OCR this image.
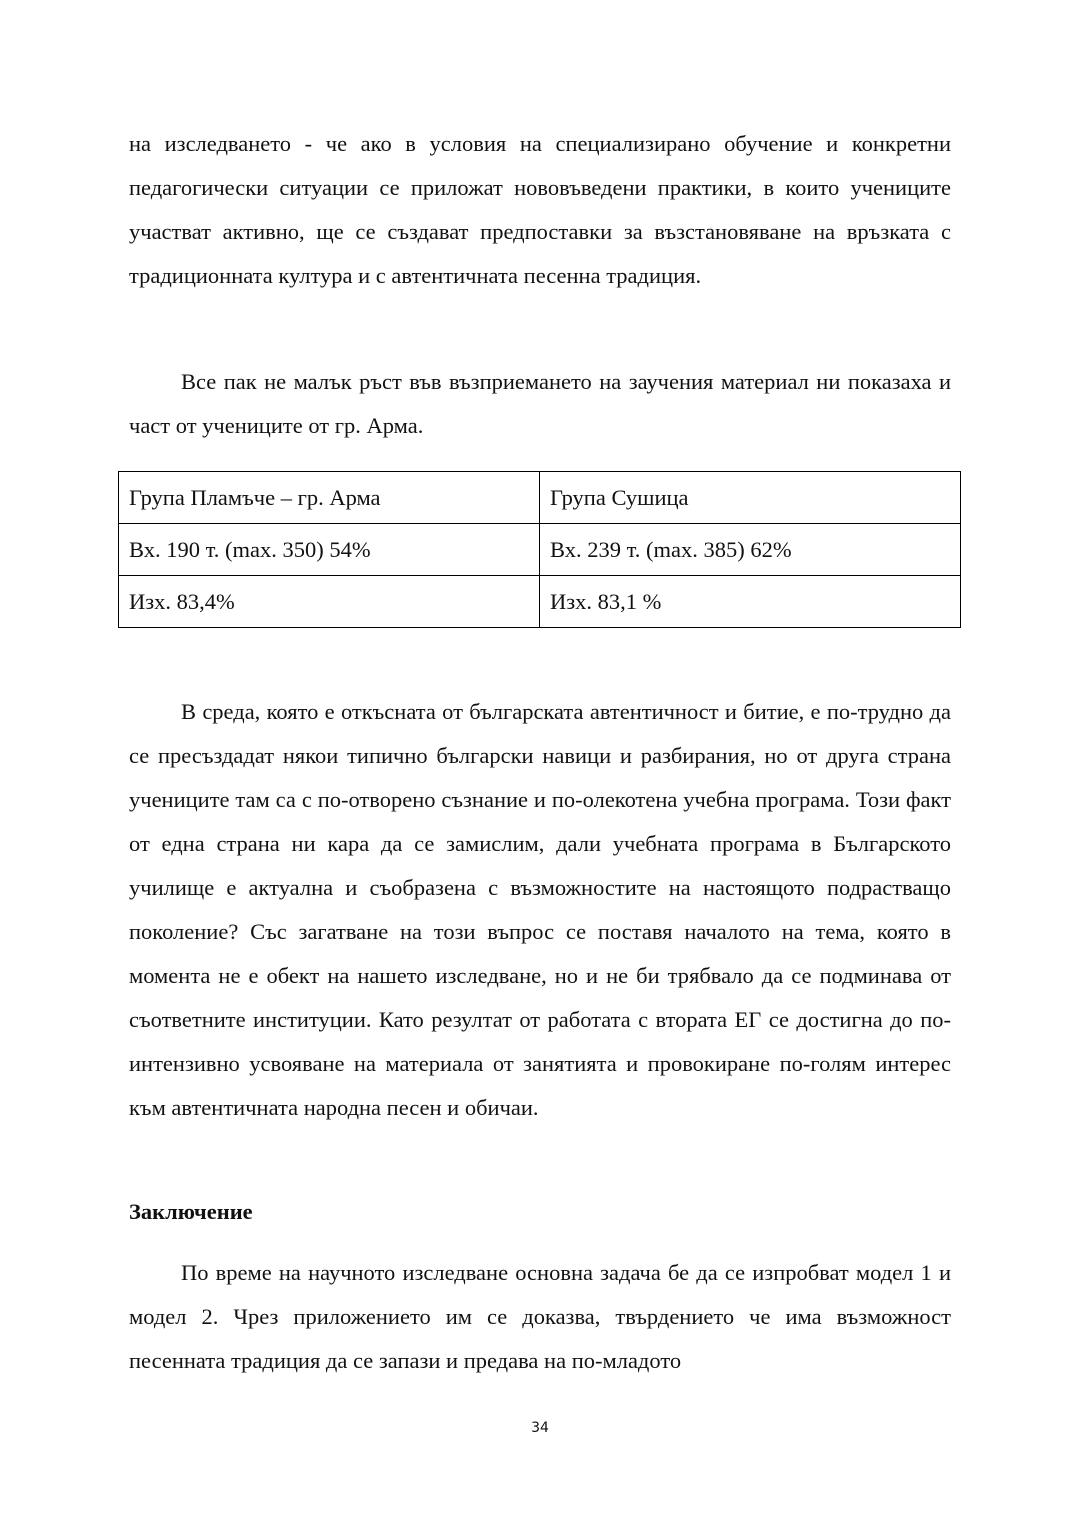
на изследването - че ако в условия на специализирано обучение и конкретни педагогически ситуации се приложат нововъведени практики, в които учениците участват активно, ще се създават предпоставки за възстановяване на връзката с традиционната култура и с автентичната песенна традиция.

Все пак не малък ръст във възприемането на заучения материал ни показаха и част от учениците от гр. Арма.

Група Пламъче – гр. Арма	Група Сушица
Вх. 190 т. (max. 350) 54%	Вх. 239 т. (max. 385) 62%
Изх. 83,4%	Изх. 83,1 %

В среда, която е откъсната от българската автентичност и битие, е по-трудно да се пресъздадат някои типично български навици и разбирания, но от друга страна учениците там са с по-отворено съзнание и по-олекотена учебна програма. Този факт от една страна ни кара да се замислим, дали учебната програма в Българското училище е актуална и съобразена с възможностите на настоящото подрастващо поколение? Със загатване на този въпрос се поставя началото на тема, която в момента не е обект на нашето изследване, но и не би трябвало да се подминава от съответните институции. Като резултат от работата с втората ЕГ се достигна до по-интензивно усвояване на материала от занятията и провокиране по-голям интерес към автентичната народна песен и обичаи.

Заключение

По време на научното изследване основна задача бе да се изпробват модел 1 и модел 2. Чрез приложението им се доказва, твърдението че има възможност песенната традиция да се запази и предава на по-младото

34
